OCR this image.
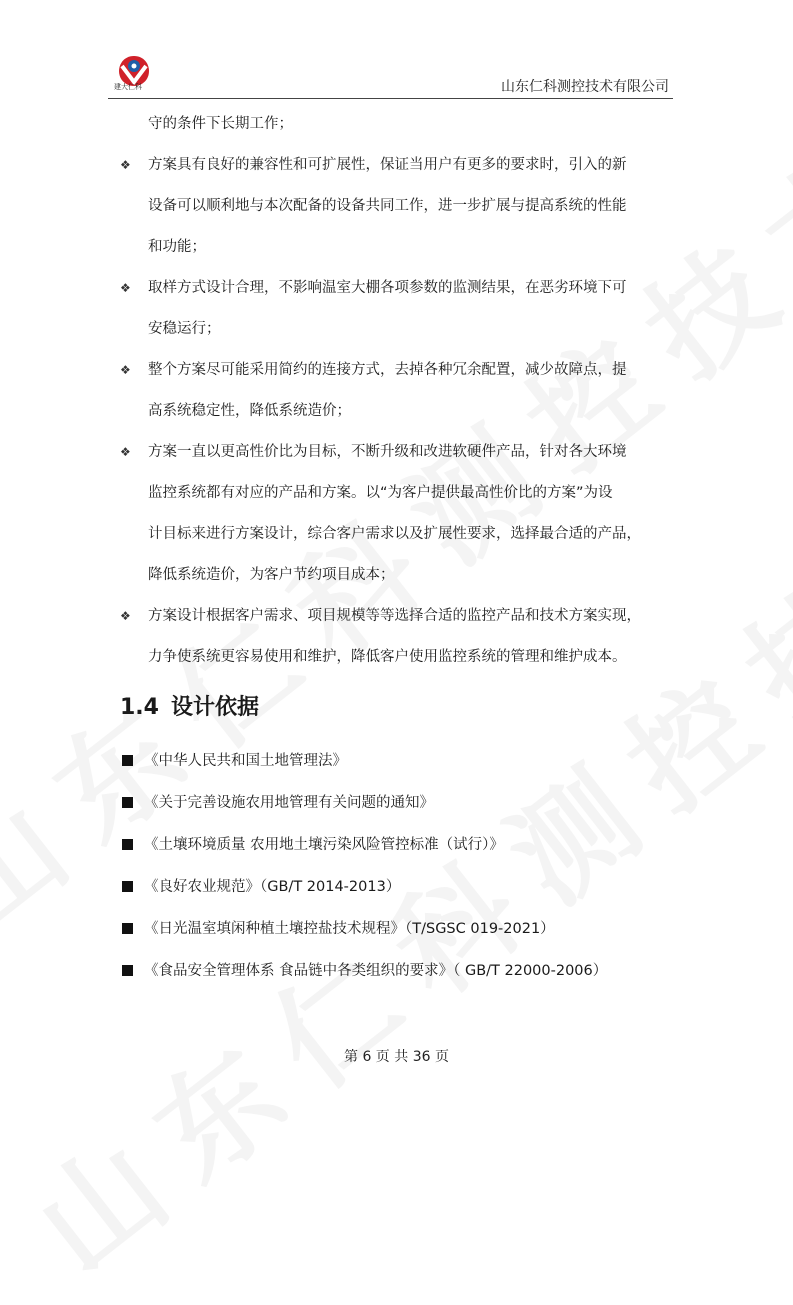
建大仁科	山东仁科测控技术有限公司
守的条件下长期工作；
❖ 方案具有良好的兼容性和可扩展性，保证当用户有更多的要求时，引入的新
设备可以顺利地与本次配备的设备共同工作，进一步扩展与提高系统的性能
和功能；
❖ 取样方式设计合理，不影响温室大棚各项参数的监测结果，在恶劣环境下可
安稳运行；
❖ 整个方案尽可能采用简约的连接方式，去掉各种冗余配置，减少故障点，提
高系统稳定性，降低系统造价；
❖ 方案一直以更高性价比为目标，不断升级和改进软硬件产品，针对各大环境
监控系统都有对应的产品和方案。以“为客户提供最高性价比的方案”为设
计目标来进行方案设计，综合客户需求以及扩展性要求，选择最合适的产品，
降低系统造价，为客户节约项目成本；
❖ 方案设计根据客户需求、项目规模等等选择合适的监控产品和技术方案实现，
力争使系统更容易使用和维护，降低客户使用监控系统的管理和维护成本。
1.4 设计依据
《中华人民共和国土地管理法》
《关于完善设施农用地管理有关问题的通知》
《土壤环境质量 农用地土壤污染风险管控标准（试行）》
《良好农业规范》（GB/T 2014-2013）
《日光温室填闲种植土壤控盐技术规程》（T/SGSC 019-2021）
《食品安全管理体系 食品链中各类组织的要求》（ GB/T 22000-2006）
第 6 页 共 36 页
